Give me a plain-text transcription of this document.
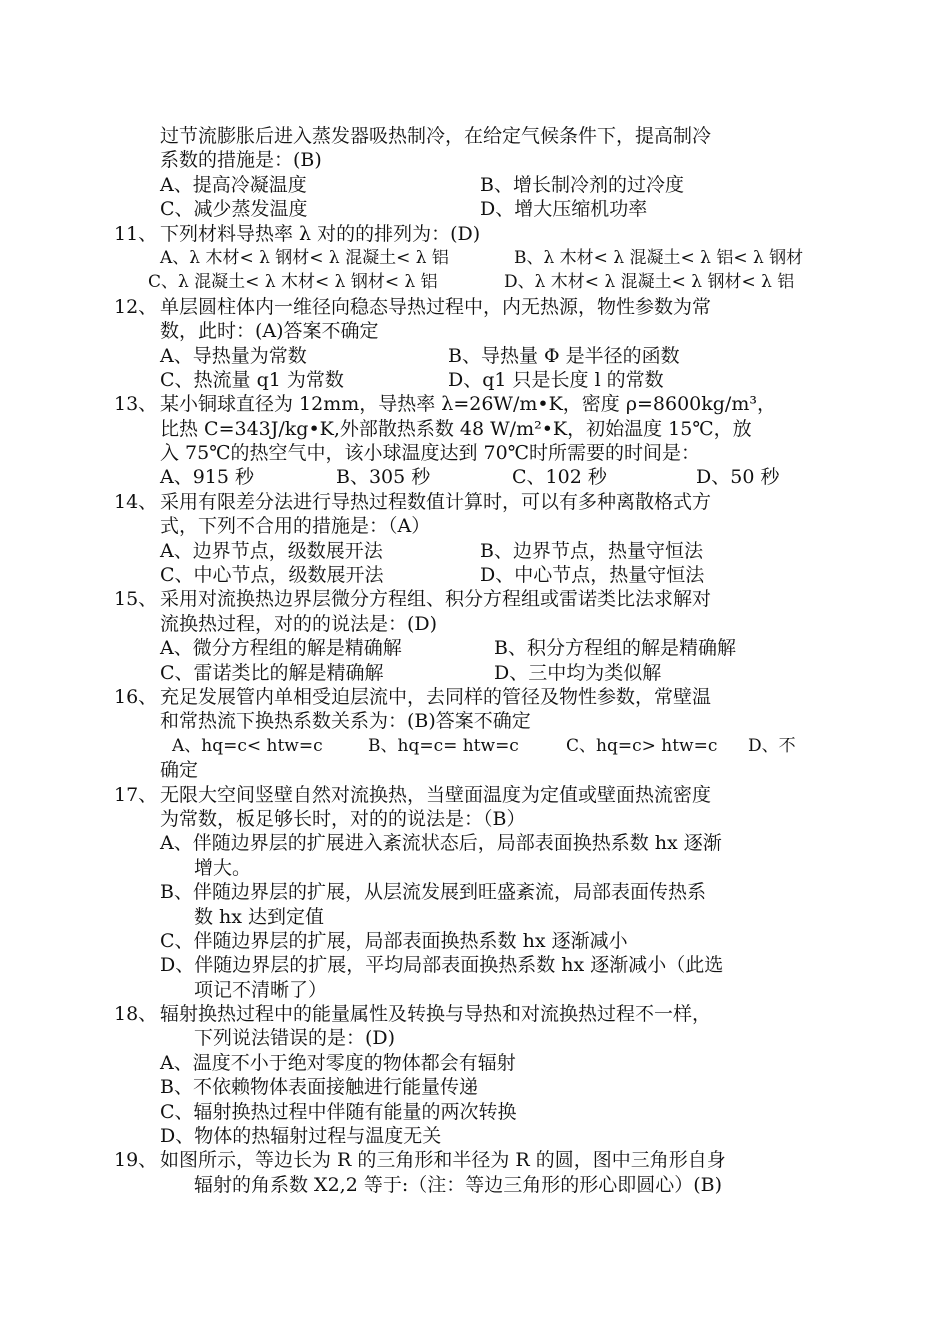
过节流膨胀后进入蒸发器吸热制冷，在给定气候条件下，提高制冷
系数的措施是：(B)
A、提高冷凝温度	B、增长制冷剂的过冷度
C、减少蒸发温度	D、增大压缩机功率
11、 下列材料导热率 λ 对的的排列为：(D)
A、λ 木材< λ 钢材< λ 混凝土< λ 铝	B、λ 木材< λ 混凝土< λ 铝< λ 钢材
C、λ 混凝土< λ 木材< λ 钢材< λ 铝	D、λ 木材< λ 混凝土< λ 钢材< λ 铝
12、 单层圆柱体内一维径向稳态导热过程中，内无热源，物性参数为常
数，此时：(A)答案不确定
A、导热量为常数	B、导热量 Φ 是半径的函数
C、热流量 q1 为常数	D、q1 只是长度 l 的常数
13、 某小铜球直径为 12mm，导热率 λ=26W/m•K，密度 ρ=8600kg/m³，
比热 C=343J/kg•K,外部散热系数 48 W/m²•K，初始温度 15℃，放
入 75℃的热空气中，该小球温度达到 70℃时所需要的时间是：
A、915 秒	B、305 秒	C、102 秒	D、50 秒
14、 采用有限差分法进行导热过程数值计算时，可以有多种离散格式方
式，下列不合用的措施是：（A）
A、边界节点，级数展开法	B、边界节点，热量守恒法
C、中心节点，级数展开法	D、中心节点，热量守恒法
15、 采用对流换热边界层微分方程组、积分方程组或雷诺类比法求解对
流换热过程，对的的说法是：(D)
A、微分方程组的解是精确解	B、积分方程组的解是精确解
C、雷诺类比的解是精确解	D、三中均为类似解
16、 充足发展管内单相受迫层流中，去同样的管径及物性参数，常壁温
和常热流下换热系数关系为：(B)答案不确定
A、hq=c< htw=c	B、hq=c= htw=c	C、hq=c> htw=c D、不
确定
17、 无限大空间竖壁自然对流换热，当壁面温度为定值或壁面热流密度
为常数，板足够长时，对的的说法是：（B）
A、伴随边界层的扩展进入紊流状态后，局部表面换热系数 hx 逐渐
增大。
B、伴随边界层的扩展，从层流发展到旺盛紊流，局部表面传热系
数 hx 达到定值
C、伴随边界层的扩展，局部表面换热系数 hx 逐渐减小
D、伴随边界层的扩展，平均局部表面换热系数 hx 逐渐减小（此选
项记不清晰了）
18、 辐射换热过程中的能量属性及转换与导热和对流换热过程不一样，
下列说法错误的是：(D)
A、温度不小于绝对零度的物体都会有辐射
B、不依赖物体表面接触进行能量传递
C、辐射换热过程中伴随有能量的两次转换
D、物体的热辐射过程与温度无关
19、 如图所示，等边长为 R 的三角形和半径为 R 的圆，图中三角形自身
辐射的角系数 X2,2 等于:（注：等边三角形的形心即圆心）(B)
